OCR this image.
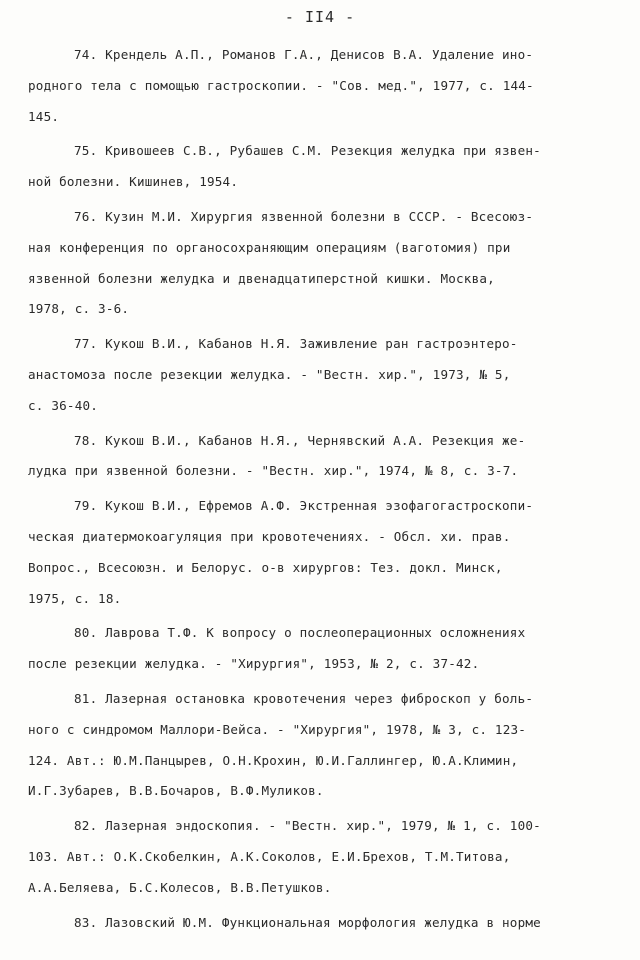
- II4 -
74. Крендель А.П., Романов Г.А., Денисов В.А. Удаление ино-
родного тела с помощью гастроскопии. - "Сов. мед.", 1977, с. 144-
145.
75. Кривошеев С.В., Рубашев С.М. Резекция желудка при язвен-
ной болезни. Кишинев, 1954.
76. Кузин М.И. Хирургия язвенной болезни в СССР. - Всесоюз-
ная конференция по органосохраняющим операциям (ваготомия) при
язвенной болезни желудка и двенадцатиперстной кишки. Москва,
1978, с. 3-6.
77. Кукош В.И., Кабанов Н.Я. Заживление ран гастроэнтеро-
анастомоза после резекции желудка. - "Вестн. хир.", 1973, № 5,
с. 36-40.
78. Кукош В.И., Кабанов Н.Я., Чернявский А.А. Резекция же-
лудка при язвенной болезни. - "Вестн. хир.", 1974, № 8, с. 3-7.
79. Кукош В.И., Ефремов А.Ф. Экстренная эзофагогастроскопи-
ческая диатермокоагуляция при кровотечениях. - Обсл. хи. прав.
Вопрос., Всесоюзн. и Белорус. о-в хирургов: Тез. докл. Минск,
1975, с. 18.
80. Лаврова Т.Ф. К вопросу о послеоперационных осложнениях
после резекции желудка. - "Хирургия", 1953, № 2, с. 37-42.
81. Лазерная остановка кровотечения через фиброскоп у боль-
ного с синдромом Маллори-Вейса. - "Хирургия", 1978, № 3, с. 123-
124. Авт.: Ю.М.Панцырев, О.Н.Крохин, Ю.И.Галлингер, Ю.А.Климин,
И.Г.Зубарев, В.В.Бочаров, В.Ф.Муликов.
82. Лазерная эндоскопия. - "Вестн. хир.", 1979, № 1, с. 100-
103. Авт.: О.К.Скобелкин, А.К.Соколов, Е.И.Брехов, Т.М.Титова,
А.А.Беляева, Б.С.Колесов, В.В.Петушков.
83. Лазовский Ю.М. Функциональная морфология желудка в норме
